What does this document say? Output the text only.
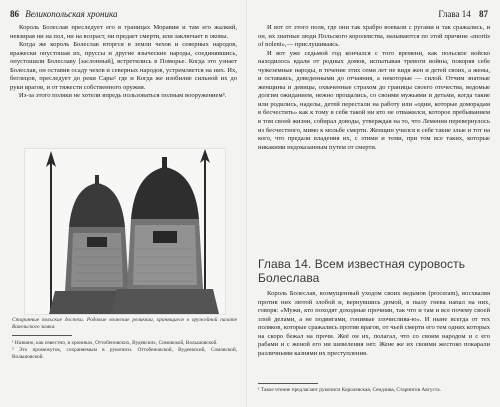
86 Великопольская хроника

Король Болеслав преследует его в границах Моравии и там его жалкий, невзирая ни на пол, ни на возраст, ни предает смерти, или заключает в оковы.

Когда же король Болеслав вторгся в земли чехов и северных народов, вражески опустошая их, пруссы и другие языческие народы, соединявшись, опустошили Болеславу [заслонный], встретились в Поморье. Когда это узнает Болеслав, он оставив осаду чехов и северных народов, устремляется на них. Их, беглецов, преследует до реки Сары² где и Когда же изобилие сильной их до руки врагов, и от тяжести собственного оружия.

Из-за этого поляки не хотели впредь пользоваться полным вооружением³.

Старинные польские доспехи. Родовые воинские реликвии, хранящиеся в оружейной палате Вавельского замка.

¹ Названо, как известно, в хрониках, Оттобеновских, Вудевских, Сомовской, Вольшовской.

² Это промежуток, сохраняемым в рукописи. Оттобеновской, Вудеевский, Сомовской, Вольшовской.

Глава 14 87

И вот от этого поля, где они так храбро воевали с ругами и так сражались, и он, их знатные люди Польского королевства, называются по этой причине «mortis of nolent»,— прислушиваясь.

И вот уже седьмой год кончался с того времени, как польское войско находилось вдали от родных домов, испытывая тревоги войны, покоряя себе чужеземные народы, в течение этих семи лет не видя жен и детей своих, а жены, и оставаясь, доведенными до отчаяния, а некоторые — силой. Отчим знатные женщины и девицы, охваченные страхом до границы своего отечества, ведомые долгим ожиданием, нежно прощались, со своими мужьями и детьми, когда такие или родились, наделы, детей перестали на работу или «одни, которые доморадам в бесчестить» как к тому в себя такой ни кто не отважился, которое пребыванием в том своей жизни, собирал доводы, утверждая на то, что Лемения перевернулось из бесчестного, мимо к мольбе смерти. Женщин учился в себе такие злые и тот на кого, что предали владения их, с этими и теми, при том все таких, которые никакими недоказанным путем от смерти.

Король Болеслав, возмущенный уходом своих ведьмов (proceram), восхваляя против них лютой злобой и, вернувшись домой, в пылу гнева напал на них, говоря: «Мужи, кто походят доходные прочими, так что и там и все почему своей злой делами, а не подвигами, гонимые злочислива-ю». И ныне всегда от тех поляков, которые сражались против врагов, от чьей смерти его тем одних которых на скоро бежал на прочи. Жеё он их, полагал, что со своим народом и с его рабами и с женой его ни шевеления нет. Жене же их своими жестоко покарали различными казнями их преступления.

¹ Такое чтение предлагают рукописи Королевская, Сендзива, Старингов Августа.

Глава 14. Всем известная суровость
Болеслава
